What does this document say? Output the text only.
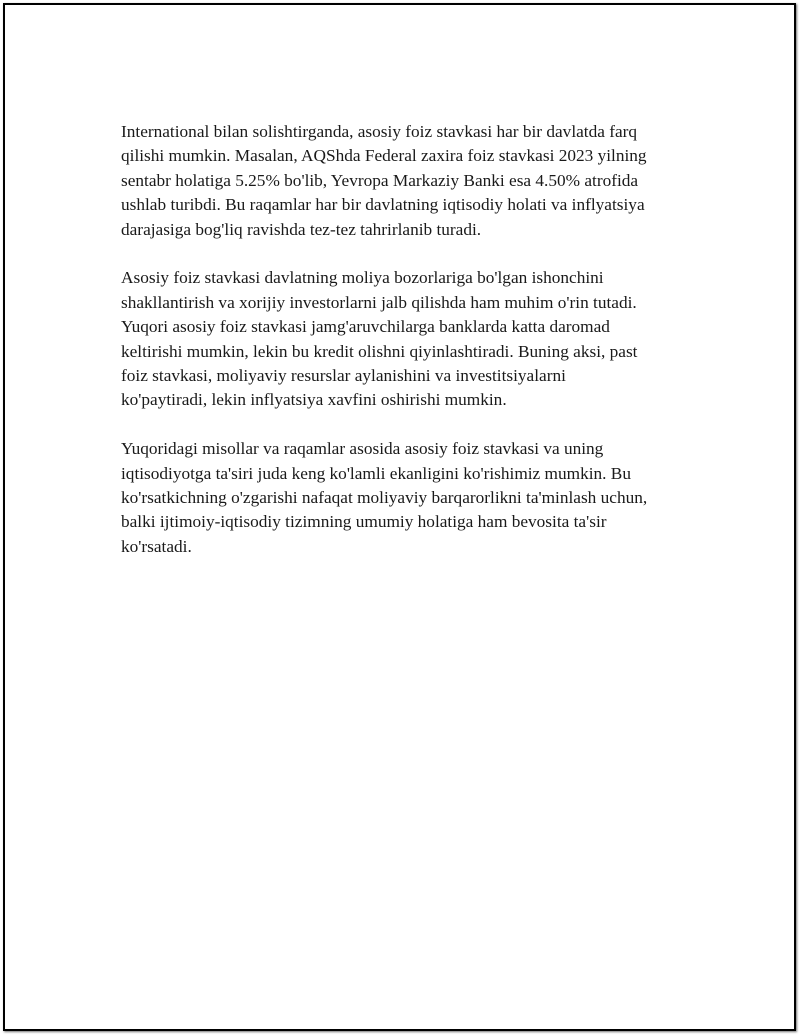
International bilan solishtirganda, asosiy foiz stavkasi har bir davlatda farq
qilishi mumkin. Masalan, AQShda Federal zaxira foiz stavkasi 2023 yilning
sentabr holatiga 5.25% bo'lib, Yevropa Markaziy Banki esa 4.50% atrofida
ushlab turibdi. Bu raqamlar har bir davlatning iqtisodiy holati va inflyatsiya
darajasiga bog'liq ravishda tez-tez tahrirlanib turadi.

Asosiy foiz stavkasi davlatning moliya bozorlariga bo'lgan ishonchini
shakllantirish va xorijiy investorlarni jalb qilishda ham muhim o'rin tutadi.
Yuqori asosiy foiz stavkasi jamg'aruvchilarga banklarda katta daromad
keltirishi mumkin, lekin bu kredit olishni qiyinlashtiradi. Buning aksi, past
foiz stavkasi, moliyaviy resurslar aylanishini va investitsiyalarni
ko'paytiradi, lekin inflyatsiya xavfini oshirishi mumkin.

Yuqoridagi misollar va raqamlar asosida asosiy foiz stavkasi va uning
iqtisodiyotga ta'siri juda keng ko'lamli ekanligini ko'rishimiz mumkin. Bu
ko'rsatkichning o'zgarishi nafaqat moliyaviy barqarorlikni ta'minlash uchun,
balki ijtimoiy-iqtisodiy tizimning umumiy holatiga ham bevosita ta'sir
ko'rsatadi.
